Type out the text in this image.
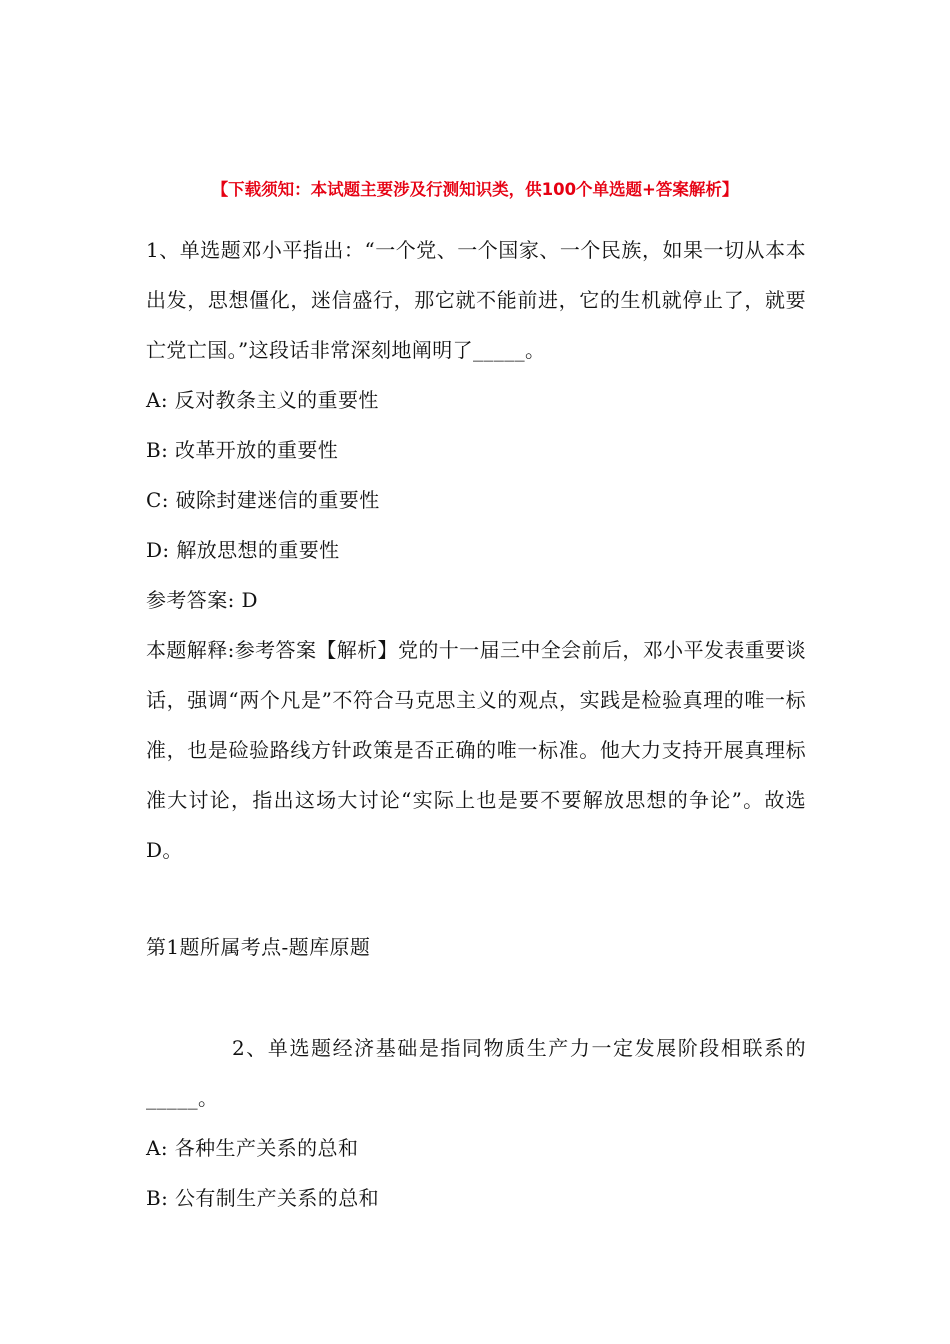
【下载须知：本试题主要涉及行测知识类，供100个单选题+答案解析】

1、单选题邓小平指出：“一个党、一个国家、一个民族，如果一切从本本出发，思想僵化，迷信盛行，那它就不能前进，它的生机就停止了，就要亡党亡国。”这段话非常深刻地阐明了_____。

A: 反对教条主义的重要性

B: 改革开放的重要性

C: 破除封建迷信的重要性

D: 解放思想的重要性

参考答案: D

本题解释:参考答案【解析】党的十一届三中全会前后，邓小平发表重要谈话，强调“两个凡是”不符合马克思主义的观点，实践是检验真理的唯一标准，也是硷验路线方针政策是否正确的唯一标准。他大力支持开展真理标准大讨论，指出这场大讨论“实际上也是要不要解放思想的争论”。故选D。

第1题所属考点-题库原题

2、单选题经济基础是指同物质生产力一定发展阶段相联系的_____。

A: 各种生产关系的总和

B: 公有制生产关系的总和
